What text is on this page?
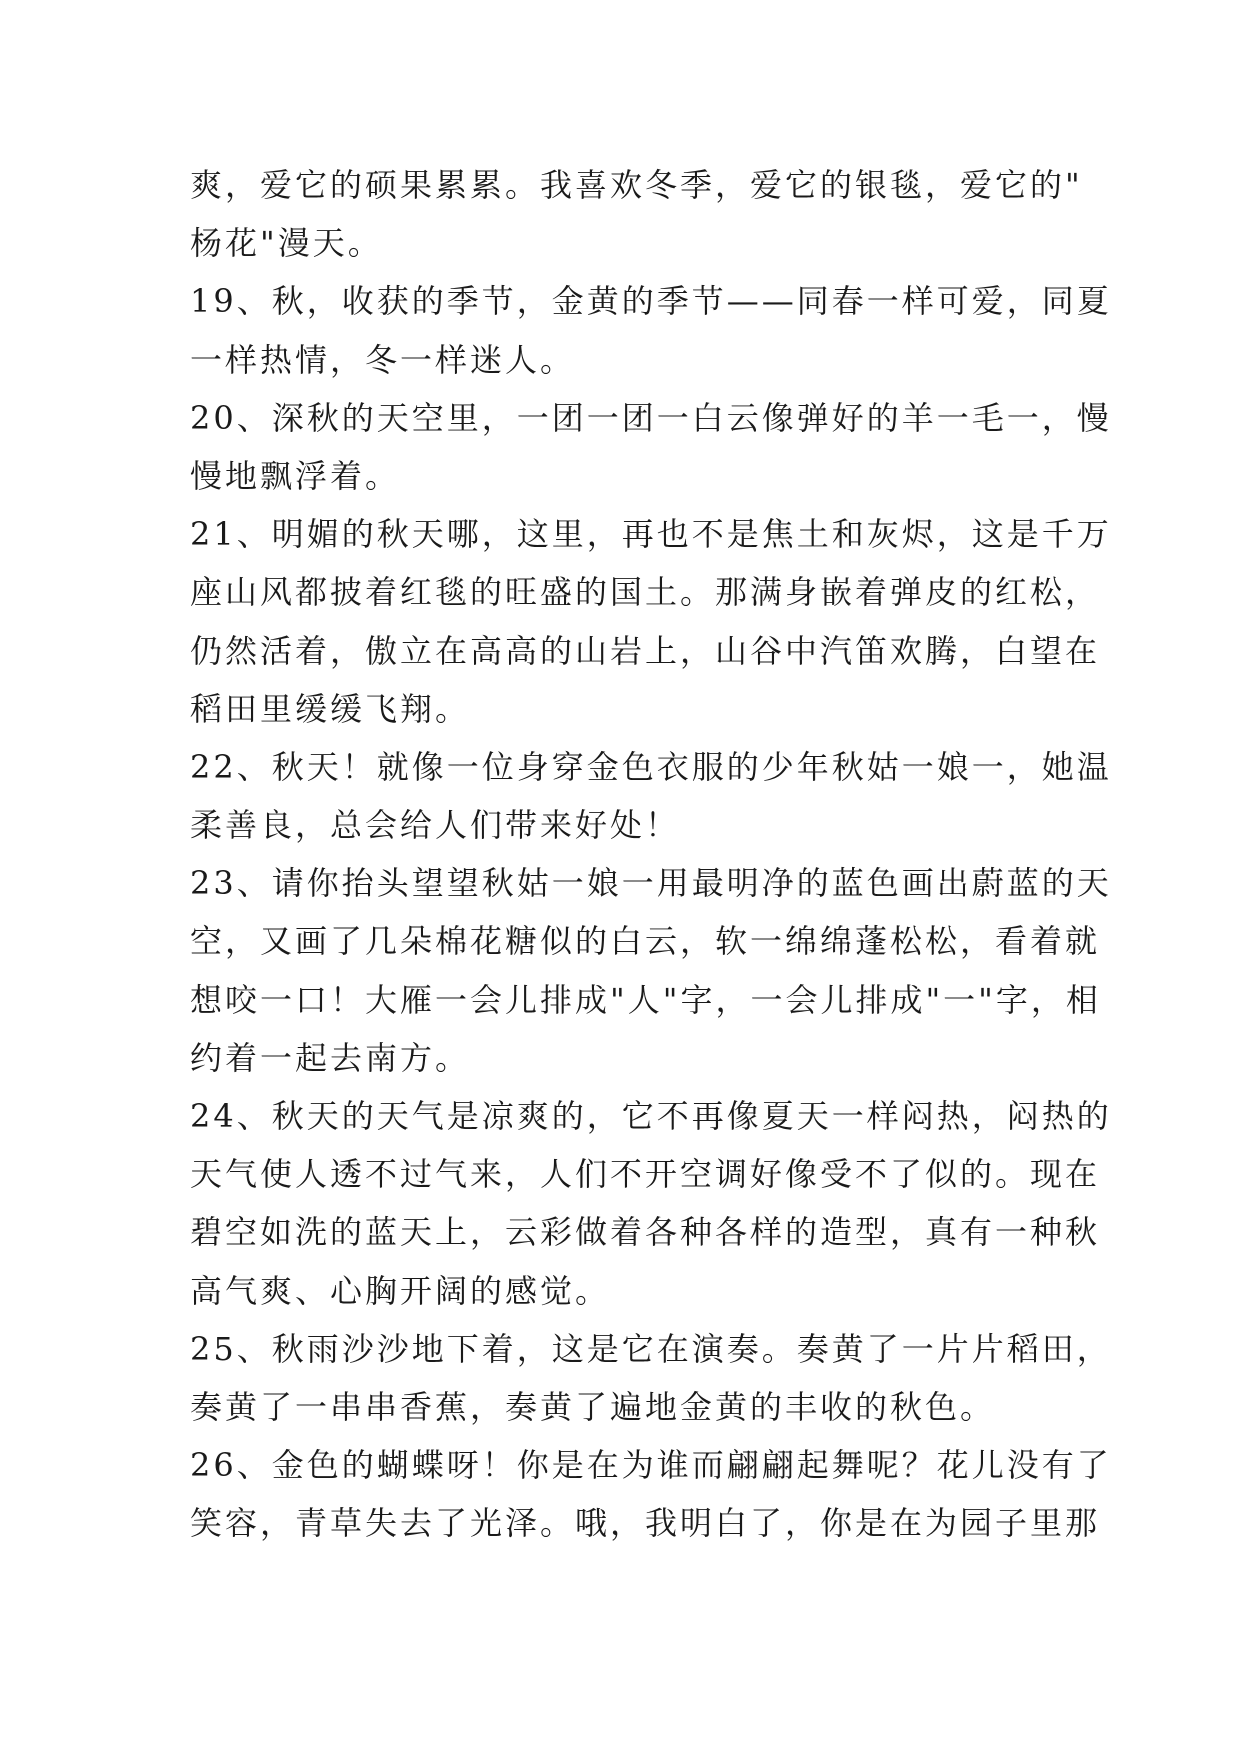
爽，爱它的硕果累累。我喜欢冬季，爱它的银毯，爱它的"
杨花"漫天。
19、秋，收获的季节，金黄的季节——同春一样可爱，同夏
一样热情，冬一样迷人。
20、深秋的天空里，一团一团一白云像弹好的羊一毛一，慢
慢地飘浮着。
21、明媚的秋天哪，这里，再也不是焦土和灰烬，这是千万
座山风都披着红毯的旺盛的国土。那满身嵌着弹皮的红松，
仍然活着，傲立在高高的山岩上，山谷中汽笛欢腾，白望在
稻田里缓缓飞翔。
22、秋天！就像一位身穿金色衣服的少年秋姑一娘一，她温
柔善良，总会给人们带来好处！
23、请你抬头望望秋姑一娘一用最明净的蓝色画出蔚蓝的天
空，又画了几朵棉花糖似的白云，软一绵绵蓬松松，看着就
想咬一口！大雁一会儿排成"人"字，一会儿排成"一"字，相
约着一起去南方。
24、秋天的天气是凉爽的，它不再像夏天一样闷热，闷热的
天气使人透不过气来，人们不开空调好像受不了似的。现在
碧空如洗的蓝天上，云彩做着各种各样的造型，真有一种秋
高气爽、心胸开阔的感觉。
25、秋雨沙沙地下着，这是它在演奏。奏黄了一片片稻田，
奏黄了一串串香蕉，奏黄了遍地金黄的丰收的秋色。
26、金色的蝴蝶呀！你是在为谁而翩翩起舞呢？花儿没有了
笑容，青草失去了光泽。哦，我明白了，你是在为园子里那
